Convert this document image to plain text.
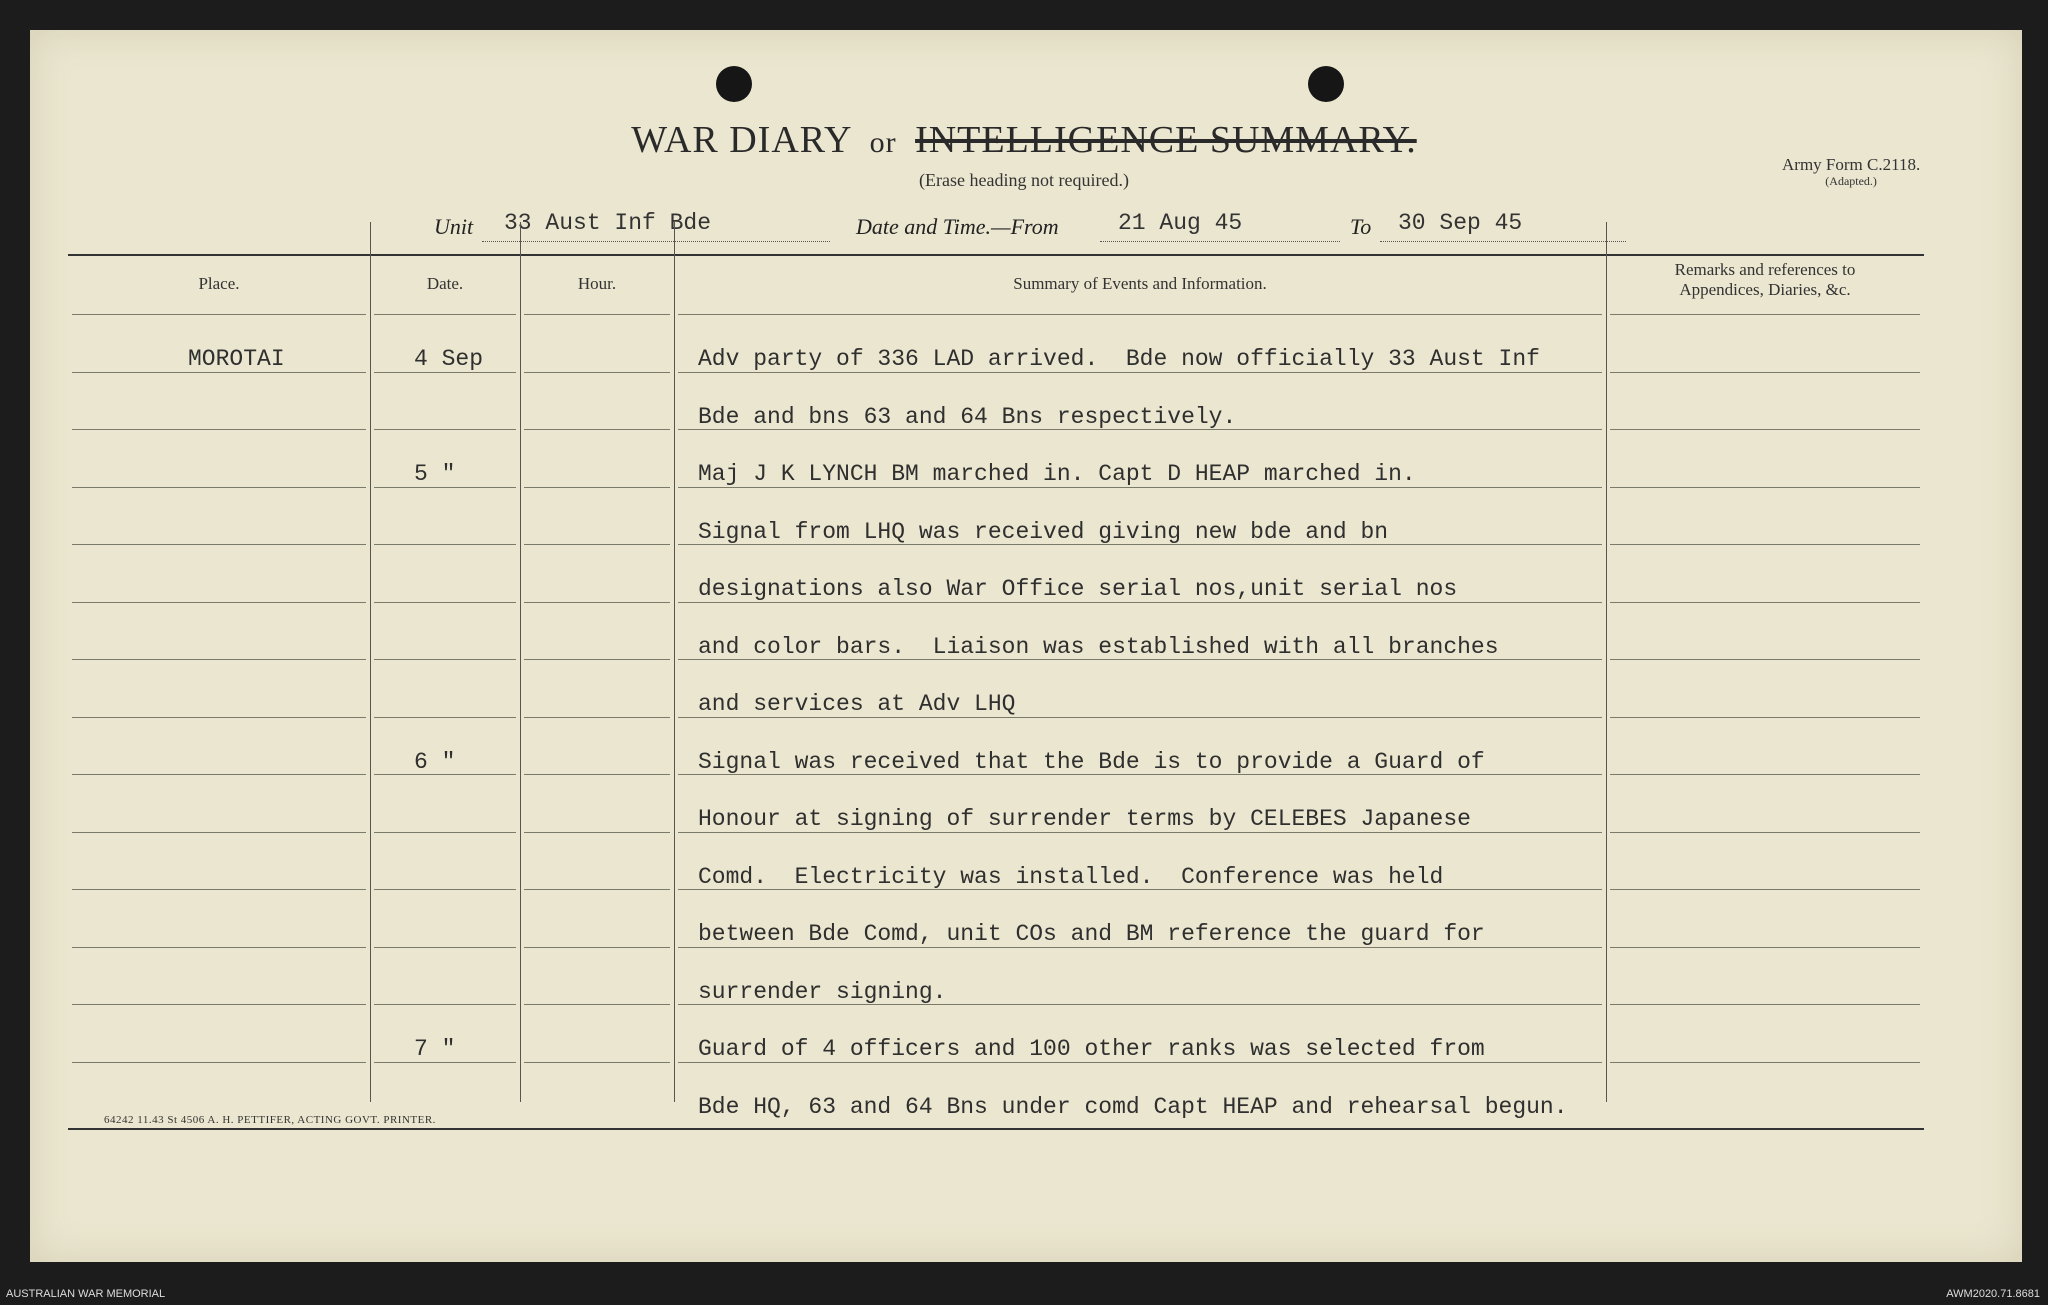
Army Form C.2118.
(Adapted.)
WAR DIARY or INTELLIGENCE SUMMARY.
(Erase heading not required.)
Unit 33 Aust Inf Bde	Date and Time.—From	21 Aug 45	To 30 Sep 45
Place.	Date.	Hour.	Summary of Events and Information.
Remarks and references to
Appendices, Diaries, &c.
MOROTAI	4 Sep	Adv party of 336 LAD arrived.  Bde now officially 33 Aust Inf
Bde and bns 63 and 64 Bns respectively.
5 "	Maj J K LYNCH BM marched in. Capt D HEAP marched in.
Signal from LHQ was received giving new bde and bn
designations also War Office serial nos,unit serial nos
and color bars.  Liaison was established with all branches
and services at Adv LHQ
6 "	Signal was received that the Bde is to provide a Guard of
Honour at signing of surrender terms by CELEBES Japanese
Comd.  Electricity was installed.  Conference was held
between Bde Comd, unit COs and BM reference the guard for
surrender signing.
7 "	Guard of 4 officers and 100 other ranks was selected from
Bde HQ, 63 and 64 Bns under comd Capt HEAP and rehearsal begun.
64242 11.43 St 4506 A. H. PETTIFER, ACTING GOVT. PRINTER.
AUSTRALIAN WAR MEMORIAL	AWM2020.71.8681
